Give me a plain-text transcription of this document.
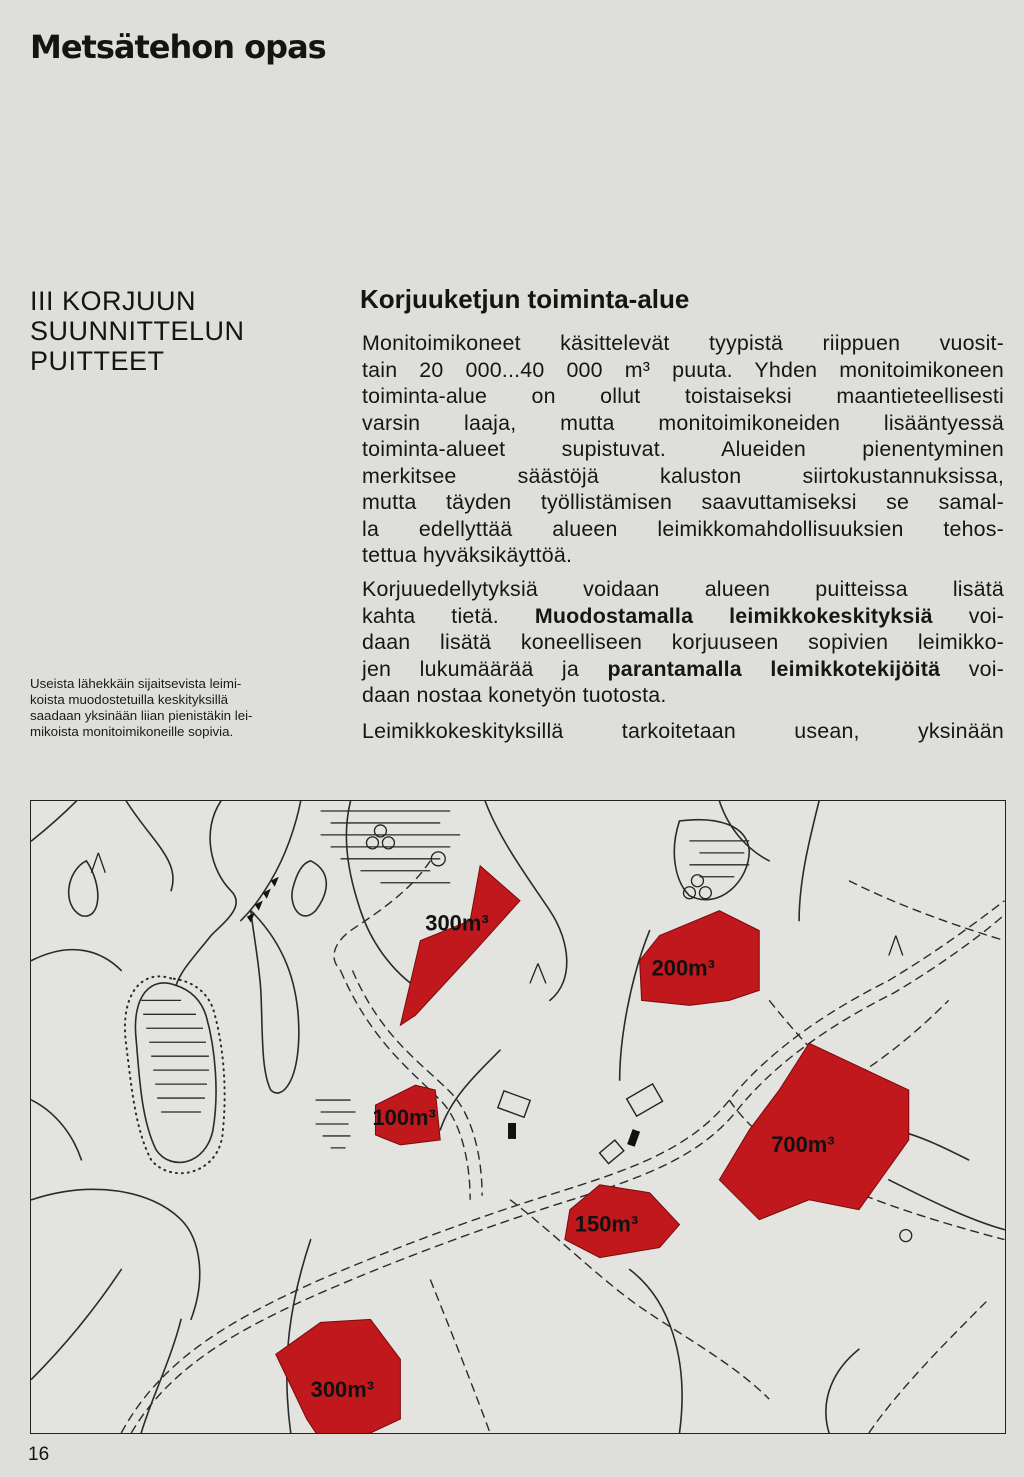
Metsätehon opas
III KORJUUN
SUUNNITTELUN
PUITTEET
Useista lähekkäin sijaitsevista leimi-
koista muodostetuilla keskityksillä
saadaan yksinään liian pienistäkin lei-
mikoista monitoimikoneille sopivia.
Korjuuketjun toiminta-alue
Monitoimikoneet käsittelevät tyypistä riippuen vuosit-
tain 20 000...40 000 m³ puuta. Yhden monitoimikoneen
toiminta-alue on ollut toistaiseksi maantieteellisesti
varsin laaja, mutta monitoimikoneiden lisääntyessä
toiminta-alueet supistuvat. Alueiden pienentyminen
merkitsee säästöjä kaluston siirtokustannuksissa,
mutta täyden työllistämisen saavuttamiseksi se samal-
la edellyttää alueen leimikkomahdollisuuksien tehos-
tettua hyväksikäyttöä.
Korjuuedellytyksiä voidaan alueen puitteissa lisätä
kahta tietä. Muodostamalla leimikkokeskityksiä voi-
daan lisätä koneelliseen korjuuseen sopivien leimikko-
jen lukumäärää ja parantamalla leimikkotekijöitä voi-
daan nostaa konetyön tuotosta.
Leimikkokeskityksillä tarkoitetaan usean, yksinään
300m³
200m³
100m³
700m³
150m³
300m³
16
